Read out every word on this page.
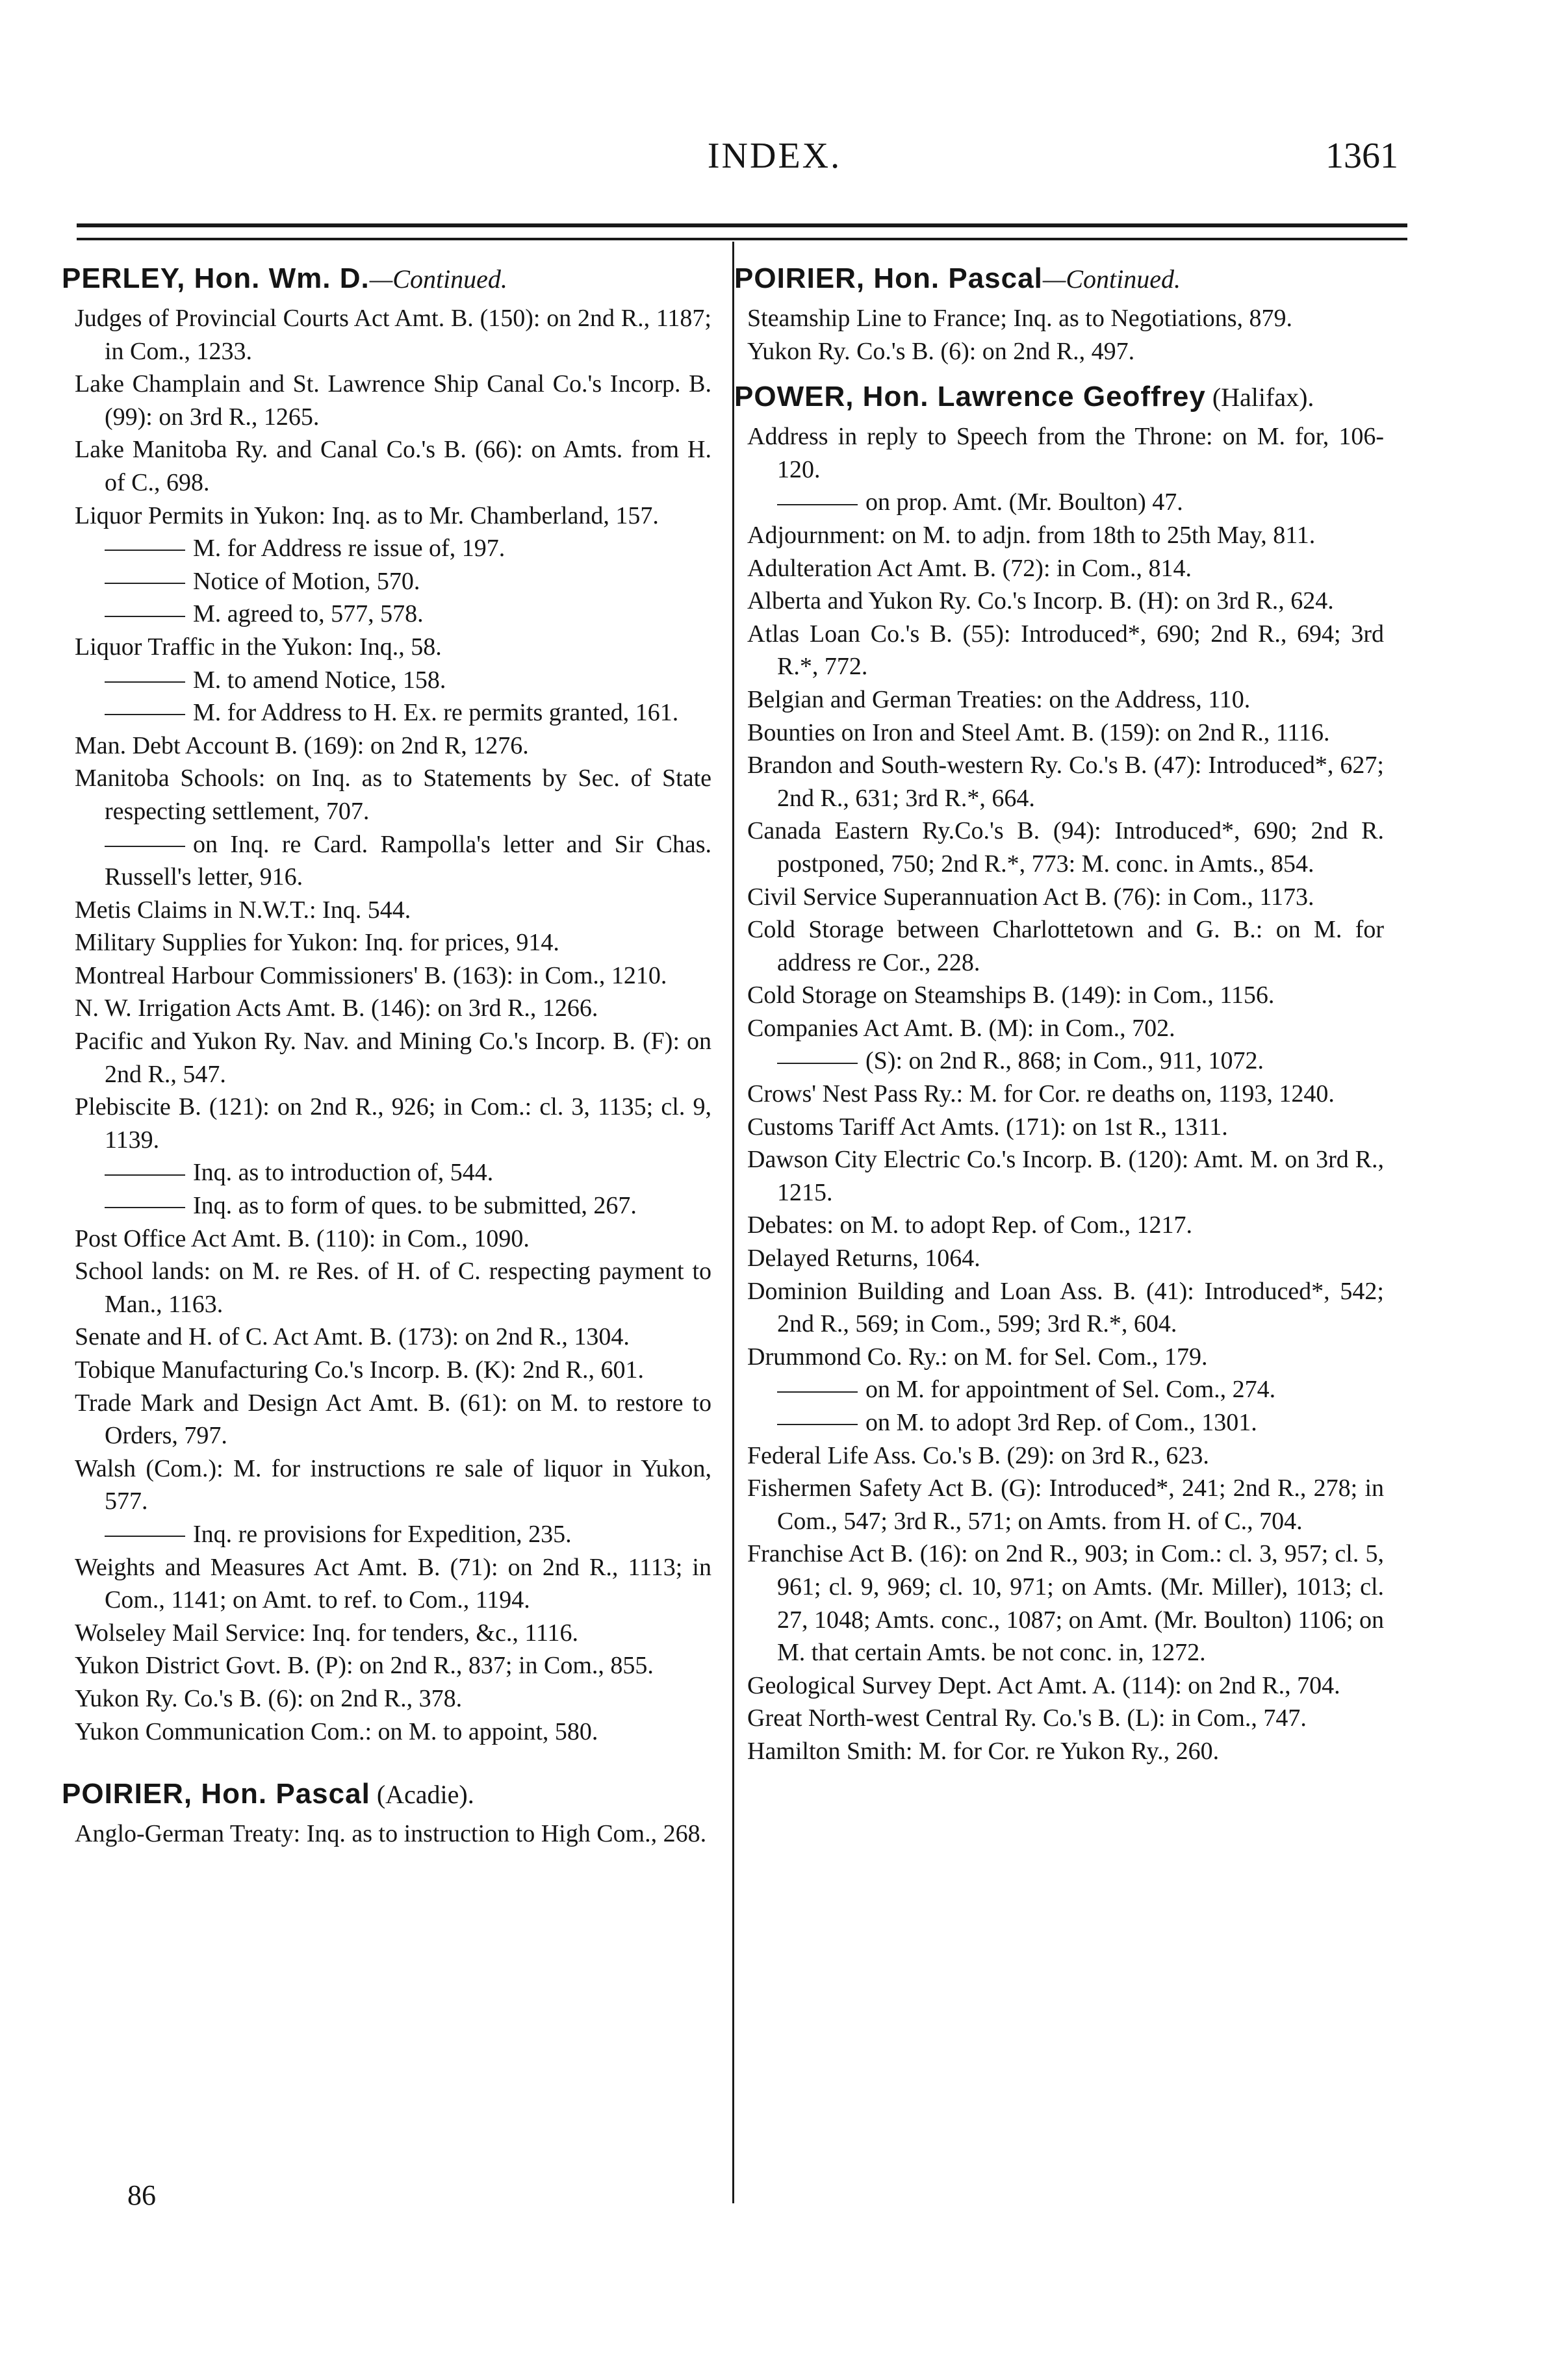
INDEX.	1361
PERLEY, Hon. Wm. D.—Continued.

Judges of Provincial Courts Act Amt. B. (150): on 2nd R., 1187; in Com., 1233.

Lake Champlain and St. Lawrence Ship Canal Co.'s Incorp. B. (99): on 3rd R., 1265.

Lake Manitoba Ry. and Canal Co.'s B. (66): on Amts. from H. of C., 698.

Liquor Permits in Yukon: Inq. as to Mr. Chamberland, 157.

M. for Address re issue of, 197.

Notice of Motion, 570.

M. agreed to, 577, 578.

Liquor Traffic in the Yukon: Inq., 58.

M. to amend Notice, 158.

M. for Address to H. Ex. re permits granted, 161.

Man. Debt Account B. (169): on 2nd R, 1276.

Manitoba Schools: on Inq. as to Statements by Sec. of State respecting settlement, 707.

on Inq. re Card. Rampolla's letter and Sir Chas. Russell's letter, 916.

Metis Claims in N.W.T.: Inq. 544.

Military Supplies for Yukon: Inq. for prices, 914.

Montreal Harbour Commissioners' B. (163): in Com., 1210.

N. W. Irrigation Acts Amt. B. (146): on 3rd R., 1266.

Pacific and Yukon Ry. Nav. and Mining Co.'s Incorp. B. (F): on 2nd R., 547.

Plebiscite B. (121): on 2nd R., 926; in Com.: cl. 3, 1135; cl. 9, 1139.

Inq. as to introduction of, 544.

Inq. as to form of ques. to be submitted, 267.

Post Office Act Amt. B. (110): in Com., 1090.

School lands: on M. re Res. of H. of C. respecting payment to Man., 1163.

Senate and H. of C. Act Amt. B. (173): on 2nd R., 1304.

Tobique Manufacturing Co.'s Incorp. B. (K): 2nd R., 601.

Trade Mark and Design Act Amt. B. (61): on M. to restore to Orders, 797.

Walsh (Com.): M. for instructions re sale of liquor in Yukon, 577.

Inq. re provisions for Expedition, 235.

Weights and Measures Act Amt. B. (71): on 2nd R., 1113; in Com., 1141; on Amt. to ref. to Com., 1194.

Wolseley Mail Service: Inq. for tenders, &c., 1116.

Yukon District Govt. B. (P): on 2nd R., 837; in Com., 855.

Yukon Ry. Co.'s B. (6): on 2nd R., 378.

Yukon Communication Com.: on M. to appoint, 580.

POIRIER, Hon. Pascal (Acadie).

Anglo-German Treaty: Inq. as to instruction to High Com., 268.

POIRIER, Hon. Pascal—Continued.

Steamship Line to France; Inq. as to Negotiations, 879.

Yukon Ry. Co.'s B. (6): on 2nd R., 497.

POWER, Hon. Lawrence Geoffrey (Halifax).

Address in reply to Speech from the Throne: on M. for, 106-120.

on prop. Amt. (Mr. Boulton) 47.

Adjournment: on M. to adjn. from 18th to 25th May, 811.

Adulteration Act Amt. B. (72): in Com., 814.

Alberta and Yukon Ry. Co.'s Incorp. B. (H): on 3rd R., 624.

Atlas Loan Co.'s B. (55): Introduced*, 690; 2nd R., 694; 3rd R.*, 772.

Belgian and German Treaties: on the Address, 110.

Bounties on Iron and Steel Amt. B. (159): on 2nd R., 1116.

Brandon and South-western Ry. Co.'s B. (47): Introduced*, 627; 2nd R., 631; 3rd R.*, 664.

Canada Eastern Ry.Co.'s B. (94): Introduced*, 690; 2nd R. postponed, 750; 2nd R.*, 773: M. conc. in Amts., 854.

Civil Service Superannuation Act B. (76): in Com., 1173.

Cold Storage between Charlottetown and G. B.: on M. for address re Cor., 228.

Cold Storage on Steamships B. (149): in Com., 1156.

Companies Act Amt. B. (M): in Com., 702.

(S): on 2nd R., 868; in Com., 911, 1072.

Crows' Nest Pass Ry.: M. for Cor. re deaths on, 1193, 1240.

Customs Tariff Act Amts. (171): on 1st R., 1311.

Dawson City Electric Co.'s Incorp. B. (120): Amt. M. on 3rd R., 1215.

Debates: on M. to adopt Rep. of Com., 1217.

Delayed Returns, 1064.

Dominion Building and Loan Ass. B. (41): Introduced*, 542; 2nd R., 569; in Com., 599; 3rd R.*, 604.

Drummond Co. Ry.: on M. for Sel. Com., 179.

on M. for appointment of Sel. Com., 274.

on M. to adopt 3rd Rep. of Com., 1301.

Federal Life Ass. Co.'s B. (29): on 3rd R., 623.

Fishermen Safety Act B. (G): Introduced*, 241; 2nd R., 278; in Com., 547; 3rd R., 571; on Amts. from H. of C., 704.

Franchise Act B. (16): on 2nd R., 903; in Com.: cl. 3, 957; cl. 5, 961; cl. 9, 969; cl. 10, 971; on Amts. (Mr. Miller), 1013; cl. 27, 1048; Amts. conc., 1087; on Amt. (Mr. Boulton) 1106; on M. that certain Amts. be not conc. in, 1272.

Geological Survey Dept. Act Amt. A. (114): on 2nd R., 704.

Great North-west Central Ry. Co.'s B. (L): in Com., 747.

Hamilton Smith: M. for Cor. re Yukon Ry., 260.

86
